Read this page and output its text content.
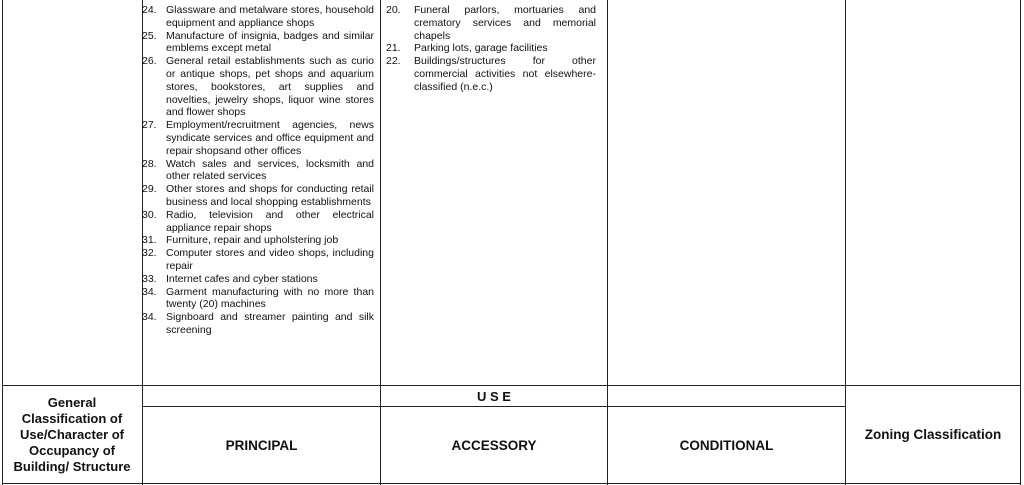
24. Glassware and metalware stores, household equipment and appliance shops
25. Manufacture of insignia, badges and similar emblems except metal
26. General retail establishments such as curio or antique shops, pet shops and aquarium stores, bookstores, art supplies and novelties, jewelry shops, liquor wine stores and flower shops
27. Employment/recruitment agencies, news syndicate services and office equipment and repair shopsand other offices
28. Watch sales and services, locksmith and other related services
29. Other stores and shops for conducting retail business and local shopping establishments
30. Radio, television and other electrical appliance repair shops
31. Furniture, repair and upholstering job
32. Computer stores and video shops, including repair
33. Internet cafes and cyber stations
34. Garment manufacturing with no more than twenty (20) machines
34. Signboard and streamer painting and silk screening
20.	Funeral parlors, mortuaries and crematory services and memorial chapels
21.	Parking lots, garage facilities
22.	Buildings/structures for other commercial activities not elsewhere-classified (n.e.c.)
General Classification of Use/Character of Occupancy of Building/ Structure
U S E
PRINCIPAL	ACCESSORY	CONDITIONAL
Zoning Classification
